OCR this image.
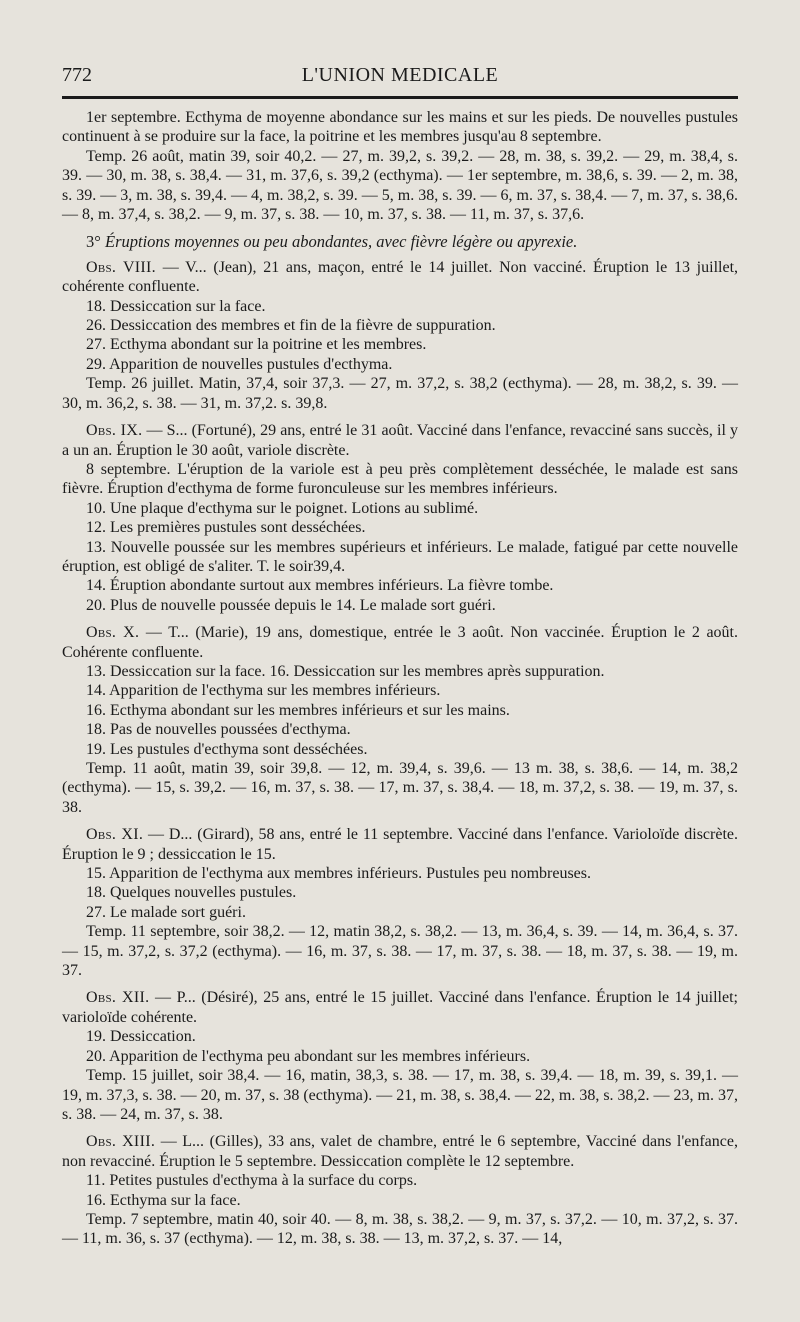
772	L'UNION MEDICALE

1er septembre. Ecthyma de moyenne abondance sur les mains et sur les pieds. De nouvelles pustules continuent à se produire sur la face, la poitrine et les membres jusqu'au 8 septembre.

Temp. 26 août, matin 39, soir 40,2. — 27, m. 39,2, s. 39,2. — 28, m. 38, s. 39,2. — 29, m. 38,4, s. 39. — 30, m. 38, s. 38,4. — 31, m. 37,6, s. 39,2 (ecthyma). — 1er septembre, m. 38,6, s. 39. — 2, m. 38, s. 39. — 3, m. 38, s. 39,4. — 4, m. 38,2, s. 39. — 5, m. 38, s. 39. — 6, m. 37, s. 38,4. — 7, m. 37, s. 38,6. — 8, m. 37,4, s. 38,2. — 9, m. 37, s. 38. — 10, m. 37, s. 38. — 11, m. 37, s. 37,6.

3° Éruptions moyennes ou peu abondantes, avec fièvre légère ou apyrexie.

Obs. VIII. — V... (Jean), 21 ans, maçon, entré le 14 juillet. Non vacciné. Éruption le 13 juillet, cohérente confluente.

18. Dessiccation sur la face.

26. Dessiccation des membres et fin de la fièvre de suppuration.

27. Ecthyma abondant sur la poitrine et les membres.

29. Apparition de nouvelles pustules d'ecthyma.

Temp. 26 juillet. Matin, 37,4, soir 37,3. — 27, m. 37,2, s. 38,2 (ecthyma). — 28, m. 38,2, s. 39. — 30, m. 36,2, s. 38. — 31, m. 37,2. s. 39,8.

Obs. IX. — S... (Fortuné), 29 ans, entré le 31 août. Vacciné dans l'enfance, revacciné sans succès, il y a un an. Éruption le 30 août, variole discrète.

8 septembre. L'éruption de la variole est à peu près complètement desséchée, le malade est sans fièvre. Éruption d'ecthyma de forme furonculeuse sur les membres inférieurs.

10. Une plaque d'ecthyma sur le poignet. Lotions au sublimé.

12. Les premières pustules sont desséchées.

13. Nouvelle poussée sur les membres supérieurs et inférieurs. Le malade, fatigué par cette nouvelle éruption, est obligé de s'aliter. T. le soir39,4.

14. Éruption abondante surtout aux membres inférieurs. La fièvre tombe.

20. Plus de nouvelle poussée depuis le 14. Le malade sort guéri.

Obs. X. — T... (Marie), 19 ans, domestique, entrée le 3 août. Non vaccinée. Éruption le 2 août. Cohérente confluente.

13. Dessiccation sur la face. 16. Dessiccation sur les membres après suppuration.

14. Apparition de l'ecthyma sur les membres inférieurs.

16. Ecthyma abondant sur les membres inférieurs et sur les mains.

18. Pas de nouvelles poussées d'ecthyma.

19. Les pustules d'ecthyma sont desséchées.

Temp. 11 août, matin 39, soir 39,8. — 12, m. 39,4, s. 39,6. — 13 m. 38, s. 38,6. — 14, m. 38,2 (ecthyma). — 15, s. 39,2. — 16, m. 37, s. 38. — 17, m. 37, s. 38,4. — 18, m. 37,2, s. 38. — 19, m. 37, s. 38.

Obs. XI. — D... (Girard), 58 ans, entré le 11 septembre. Vacciné dans l'enfance. Varioloïde discrète. Éruption le 9 ; dessiccation le 15.

15. Apparition de l'ecthyma aux membres inférieurs. Pustules peu nombreuses.

18. Quelques nouvelles pustules.

27. Le malade sort guéri.

Temp. 11 septembre, soir 38,2. — 12, matin 38,2, s. 38,2. — 13, m. 36,4, s. 39. — 14, m. 36,4, s. 37. — 15, m. 37,2, s. 37,2 (ecthyma). — 16, m. 37, s. 38. — 17, m. 37, s. 38. — 18, m. 37, s. 38. — 19, m. 37.

Obs. XII. — P... (Désiré), 25 ans, entré le 15 juillet. Vacciné dans l'enfance. Éruption le 14 juillet; varioloïde cohérente.

19. Dessiccation.

20. Apparition de l'ecthyma peu abondant sur les membres inférieurs.

Temp. 15 juillet, soir 38,4. — 16, matin, 38,3, s. 38. — 17, m. 38, s. 39,4. — 18, m. 39, s. 39,1. — 19, m. 37,3, s. 38. — 20, m. 37, s. 38 (ecthyma). — 21, m. 38, s. 38,4. — 22, m. 38, s. 38,2. — 23, m. 37, s. 38. — 24, m. 37, s. 38.

Obs. XIII. — L... (Gilles), 33 ans, valet de chambre, entré le 6 septembre, Vacciné dans l'enfance, non revacciné. Éruption le 5 septembre. Dessiccation complète le 12 septembre.

11. Petites pustules d'ecthyma à la surface du corps.

16. Ecthyma sur la face.

Temp. 7 septembre, matin 40, soir 40. — 8, m. 38, s. 38,2. — 9, m. 37, s. 37,2. — 10, m. 37,2, s. 37. — 11, m. 36, s. 37 (ecthyma). — 12, m. 38, s. 38. — 13, m. 37,2, s. 37. — 14,
